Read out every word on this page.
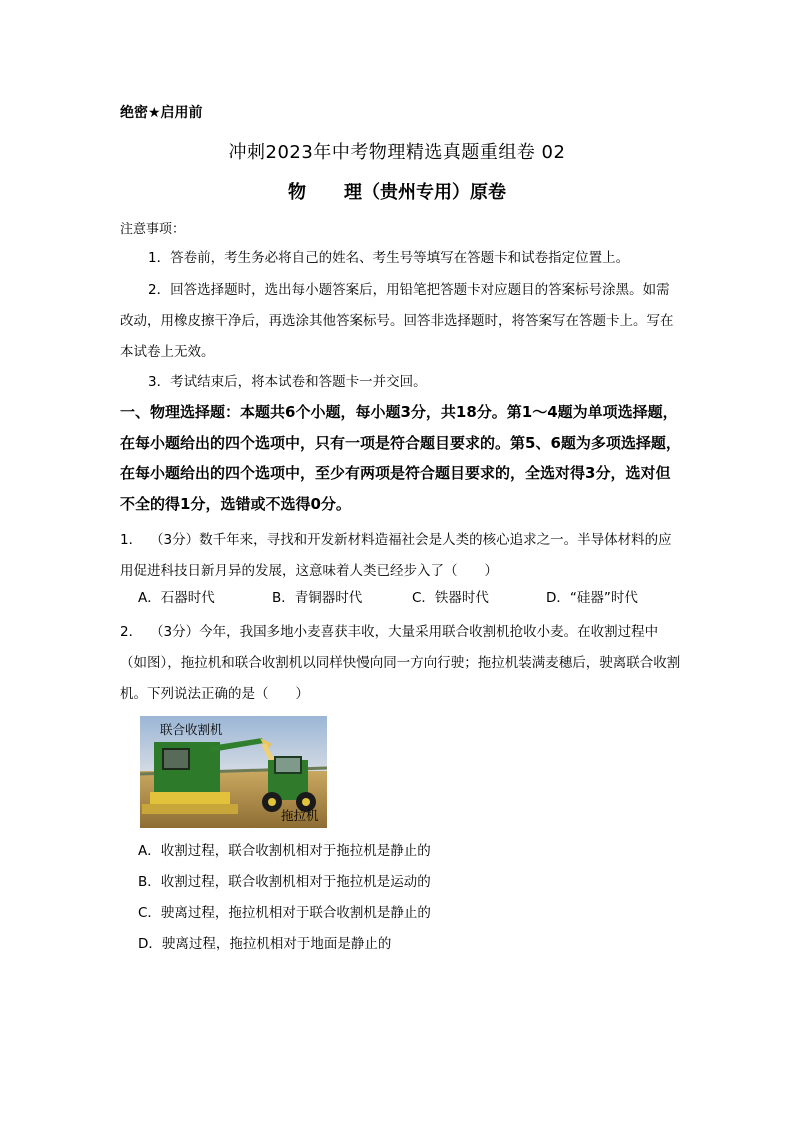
绝密★启用前
冲刺2023年中考物理精选真题重组卷 02
物 理（贵州专用）原卷
注意事项：
1．答卷前，考生务必将自己的姓名、考生号等填写在答题卡和试卷指定位置上。
2．回答选择题时，选出每小题答案后，用铅笔把答题卡对应题目的答案标号涂黑。如需改动，用橡皮擦干净后，再选涂其他答案标号。回答非选择题时，将答案写在答题卡上。写在本试卷上无效。
3．考试结束后，将本试卷和答题卡一并交回。
一、物理选择题：本题共6个小题，每小题3分，共18分。第1～4题为单项选择题，在每小题给出的四个选项中，只有一项是符合题目要求的。第5、6题为多项选择题，在每小题给出的四个选项中，至少有两项是符合题目要求的，全选对得3分，选对但不全的得1分，选错或不选得0分。
1． （3分）数千年来，寻找和开发新材料造福社会是人类的核心追求之一。半导体材料的应用促进科技日新月异的发展，这意味着人类已经步入了（　　）
A．石器时代	B．青铜器时代	C．铁器时代	D．“硅器”时代
2． （3分）今年，我国多地小麦喜获丰收，大量采用联合收割机抢收小麦。在收割过程中（如图），拖拉机和联合收割机以同样快慢向同一方向行驶；拖拉机装满麦穗后，驶离联合收割机。下列说法正确的是（　　）
联合收割机
拖拉机
A．收割过程，联合收割机相对于拖拉机是静止的
B．收割过程，联合收割机相对于拖拉机是运动的
C．驶离过程，拖拉机相对于联合收割机是静止的
D．驶离过程，拖拉机相对于地面是静止的
